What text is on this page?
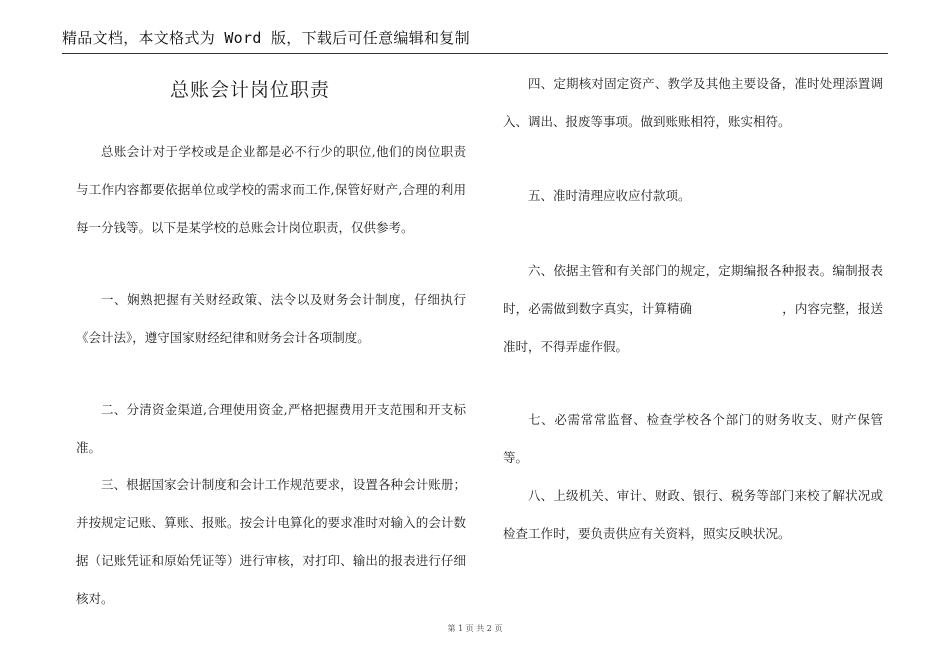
精品文档，本文格式为 Word 版，下载后可任意编辑和复制
总账会计岗位职责

总账会计对于学校或是企业都是必不行少的职位,他们的岗位职责与工作内容都要依据单位或学校的需求而工作,保管好财产,合理的利用每一分钱等。以下是某学校的总账会计岗位职责，仅供参考。

一、娴熟把握有关财经政策、法令以及财务会计制度，仔细执行《会计法》，遵守国家财经纪律和财务会计各项制度。

二、分清资金渠道,合理使用资金,严格把握费用开支范围和开支标准。

三、根据国家会计制度和会计工作规范要求，设置各种会计账册；并按规定记账、算账、报账。按会计电算化的要求准时对输入的会计数据（记账凭证和原始凭证等）进行审核，对打印、输出的报表进行仔细核对。

四、定期核对固定资产、教学及其他主要设备，准时处理添置调入、调出、报废等事项。做到账账相符，账实相符。

五、准时清理应收应付款项。

六、依据主管和有关部门的规定，定期编报各种报表。编制报表时，必需做到数字真实，计算精确	，内容完整，报送准时，不得弄虚作假。

七、必需常常监督、检查学校各个部门的财务收支、财产保管等。

八、上级机关、审计、财政、银行、税务等部门来校了解状况或检查工作时，要负责供应有关资料，照实反映状况。

第 1 页 共 2 页
